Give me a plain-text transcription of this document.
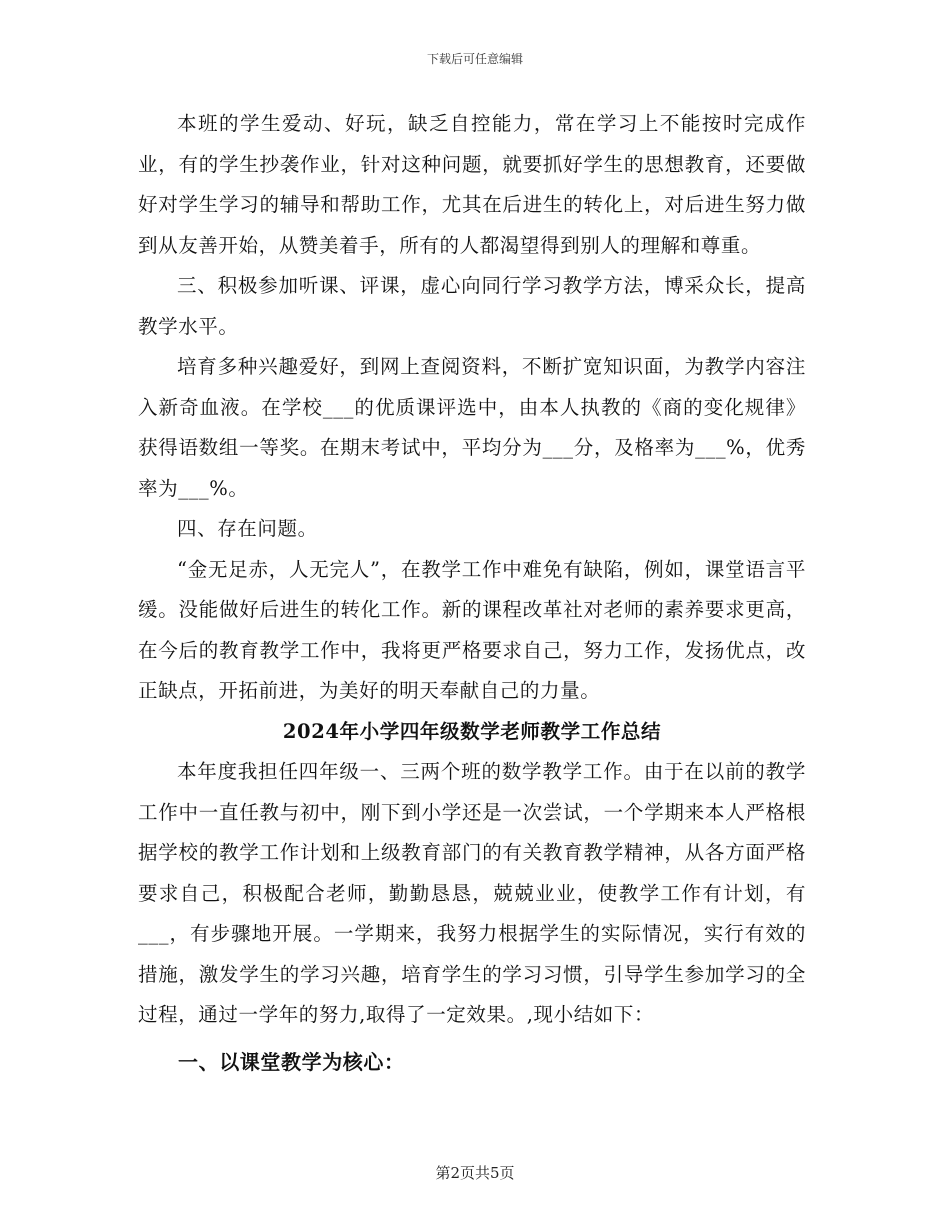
下载后可任意编辑

本班的学生爱动、好玩，缺乏自控能力，常在学习上不能按时完成作业，有的学生抄袭作业，针对这种问题，就要抓好学生的思想教育，还要做好对学生学习的辅导和帮助工作，尤其在后进生的转化上，对后进生努力做到从友善开始，从赞美着手，所有的人都渴望得到别人的理解和尊重。

三、积极参加听课、评课，虚心向同行学习教学方法，博采众长，提高教学水平。

培育多种兴趣爱好，到网上查阅资料，不断扩宽知识面，为教学内容注入新奇血液。在学校___的优质课评选中，由本人执教的《商的变化规律》获得语数组一等奖。在期末考试中，平均分为___分，及格率为___%，优秀率为___%。

四、存在问题。

“金无足赤，人无完人”，在教学工作中难免有缺陷，例如，课堂语言平缓。没能做好后进生的转化工作。新的课程改革社对老师的素养要求更高，在今后的教育教学工作中，我将更严格要求自己，努力工作，发扬优点，改正缺点，开拓前进，为美好的明天奉献自己的力量。

2024年小学四年级数学老师教学工作总结

本年度我担任四年级一、三两个班的数学教学工作。由于在以前的教学工作中一直任教与初中，刚下到小学还是一次尝试，一个学期来本人严格根据学校的教学工作计划和上级教育部门的有关教育教学精神，从各方面严格要求自己，积极配合老师，勤勤恳恳，兢兢业业，使教学工作有计划，有___，有步骤地开展。一学期来，我努力根据学生的实际情况，实行有效的措施，激发学生的学习兴趣，培育学生的学习习惯，引导学生参加学习的全过程，通过一学年的努力,取得了一定效果。,现小结如下：

一、以课堂教学为核心：

第2页共5页
